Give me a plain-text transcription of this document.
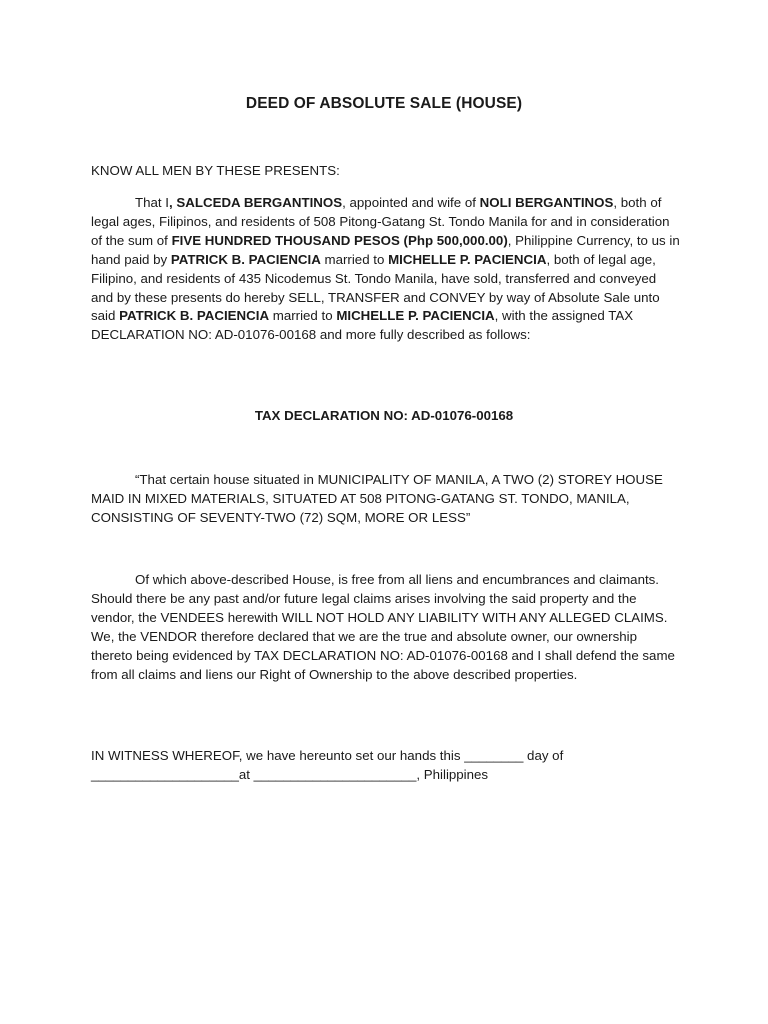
DEED OF ABSOLUTE SALE (HOUSE)
KNOW ALL MEN BY THESE PRESENTS:
That I, SALCEDA BERGANTINOS, appointed and wife of NOLI BERGANTINOS, both of legal ages, Filipinos, and residents of 508 Pitong-Gatang St. Tondo Manila for and in consideration of the sum of FIVE HUNDRED THOUSAND PESOS (Php 500,000.00), Philippine Currency, to us in hand paid by PATRICK B. PACIENCIA married to MICHELLE P. PACIENCIA, both of legal age, Filipino, and residents of 435 Nicodemus St. Tondo Manila, have sold, transferred and conveyed and by these presents do hereby SELL, TRANSFER and CONVEY by way of Absolute Sale unto said PATRICK B. PACIENCIA married to MICHELLE P. PACIENCIA, with the assigned TAX DECLARATION NO: AD-01076-00168 and more fully described as follows:
TAX DECLARATION NO: AD-01076-00168
“That certain house situated in MUNICIPALITY OF MANILA, A TWO (2) STOREY HOUSE MAID IN MIXED MATERIALS, SITUATED AT 508 PITONG-GATANG ST. TONDO, MANILA, CONSISTING OF SEVENTY-TWO (72) SQM, MORE OR LESS”
Of which above-described House, is free from all liens and encumbrances and claimants. Should there be any past and/or future legal claims arises involving the said property and the vendor, the VENDEES herewith WILL NOT HOLD ANY LIABILITY WITH ANY ALLEGED CLAIMS. We, the VENDOR therefore declared that we are the true and absolute owner, our ownership thereto being evidenced by TAX DECLARATION NO: AD-01076-00168 and I shall defend the same from all claims and liens our Right of Ownership to the above described properties.
IN WITNESS WHEREOF, we have hereunto set our hands this ________ day of
____________________at ______________________, Philippines
